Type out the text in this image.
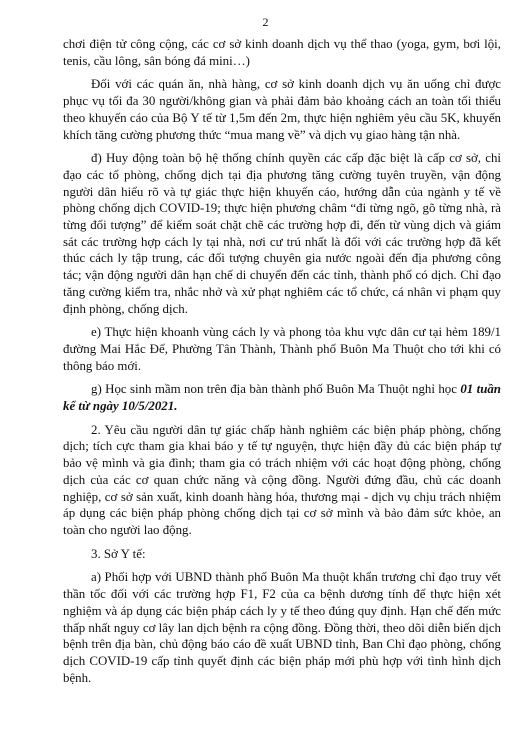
2

chơi điện tử công cộng, các cơ sở kinh doanh dịch vụ thể thao (yoga, gym, bơi lội, tenis, cầu lông, sân bóng đá mini…)

Đối với các quán ăn, nhà hàng, cơ sở kinh doanh dịch vụ ăn uống chỉ được phục vụ tối đa 30 người/không gian và phải đảm bảo khoảng cách an toàn tối thiểu theo khuyến cáo của Bộ Y tế từ 1,5m đến 2m, thực hiện nghiêm yêu cầu 5K, khuyến khích tăng cường phương thức “mua mang về” và dịch vụ giao hàng tận nhà.

đ) Huy động toàn bộ hệ thống chính quyền các cấp đặc biệt là cấp cơ sở, chỉ đạo các tổ phòng, chống dịch tại địa phương tăng cường tuyên truyền, vận động người dân hiểu rõ và tự giác thực hiện khuyến cáo, hướng dẫn của ngành y tế về phòng chống dịch COVID-19; thực hiện phương châm “đi từng ngõ, gõ từng nhà, rà từng đối tượng” để kiểm soát chặt chẽ các trường hợp đi, đến từ vùng dịch và giám sát các trường hợp cách ly tại nhà, nơi cư trú nhất là đối với các trường hợp đã kết thúc cách ly tập trung, các đối tượng chuyên gia nước ngoài đến địa phương công tác; vận động người dân hạn chế di chuyển đến các tỉnh, thành phố có dịch. Chỉ đạo tăng cường kiểm tra, nhắc nhở và xử phạt nghiêm các tổ chức, cá nhân vi phạm quy định phòng, chống dịch.

e) Thực hiện khoanh vùng cách ly và phong tỏa khu vực dân cư tại hẻm 189/1 đường Mai Hắc Đế, Phường Tân Thành, Thành phố Buôn Ma Thuột cho tới khi có thông báo mới.

g) Học sinh mầm non trên địa bàn thành phố Buôn Ma Thuột nghỉ học 01 tuần kể từ ngày 10/5/2021.

2. Yêu cầu người dân tự giác chấp hành nghiêm các biện pháp phòng, chống dịch; tích cực tham gia khai báo y tế tự nguyện, thực hiện đầy đủ các biện pháp tự bảo vệ mình và gia đình; tham gia có trách nhiệm với các hoạt động phòng, chống dịch của các cơ quan chức năng và cộng đồng. Người đứng đầu, chủ các doanh nghiệp, cơ sở sản xuất, kinh doanh hàng hóa, thương mại - dịch vụ chịu trách nhiệm áp dụng các biện pháp phòng chống dịch tại cơ sở mình và bảo đảm sức khỏe, an toàn cho người lao động.

3. Sở Y tế:

a) Phối hợp với UBND thành phố Buôn Ma thuột khẩn trương chỉ đạo truy vết thần tốc đối với các trường hợp F1, F2 của ca bệnh dương tính để thực hiện xét nghiệm và áp dụng các biện pháp cách ly y tế theo đúng quy định. Hạn chế đến mức thấp nhất nguy cơ lây lan dịch bệnh ra cộng đồng. Đồng thời, theo dõi diễn biến dịch bệnh trên địa bàn, chủ động báo cáo đề xuất UBND tỉnh, Ban Chỉ đạo phòng, chống dịch COVID-19 cấp tỉnh quyết định các biện pháp mới phù hợp với tình hình dịch bệnh.
